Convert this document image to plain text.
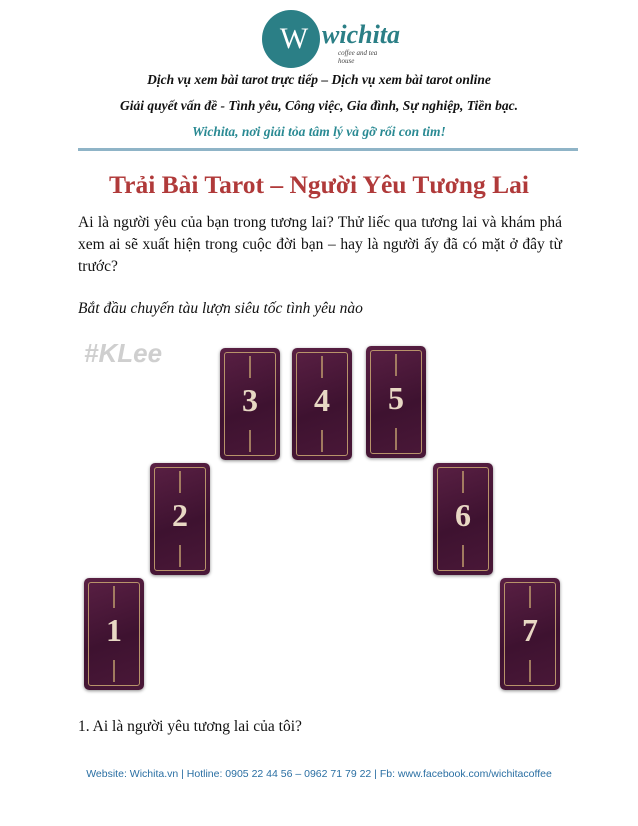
W wichita
coffee and tea house
Dịch vụ xem bài tarot trực tiếp – Dịch vụ xem bài tarot online
Giải quyết vấn đề - Tình yêu, Công việc, Gia đình, Sự nghiệp, Tiền bạc.
Wichita, nơi giải tỏa tâm lý và gỡ rối con tim!
Trải Bài Tarot – Người Yêu Tương Lai
Ai là người yêu của bạn trong tương lai? Thử liếc qua tương lai và khám phá xem ai sẽ xuất hiện trong cuộc đời bạn – hay là người ấy đã có mặt ở đây từ trước?
Bắt đầu chuyến tàu lượn siêu tốc tình yêu nào
#KLee
1
2
3	4	5
6
7
1. Ai là người yêu tương lai của tôi?
Website: Wichita.vn | Hotline: 0905 22 44 56 – 0962 71 79 22 | Fb: www.facebook.com/wichitacoffee
